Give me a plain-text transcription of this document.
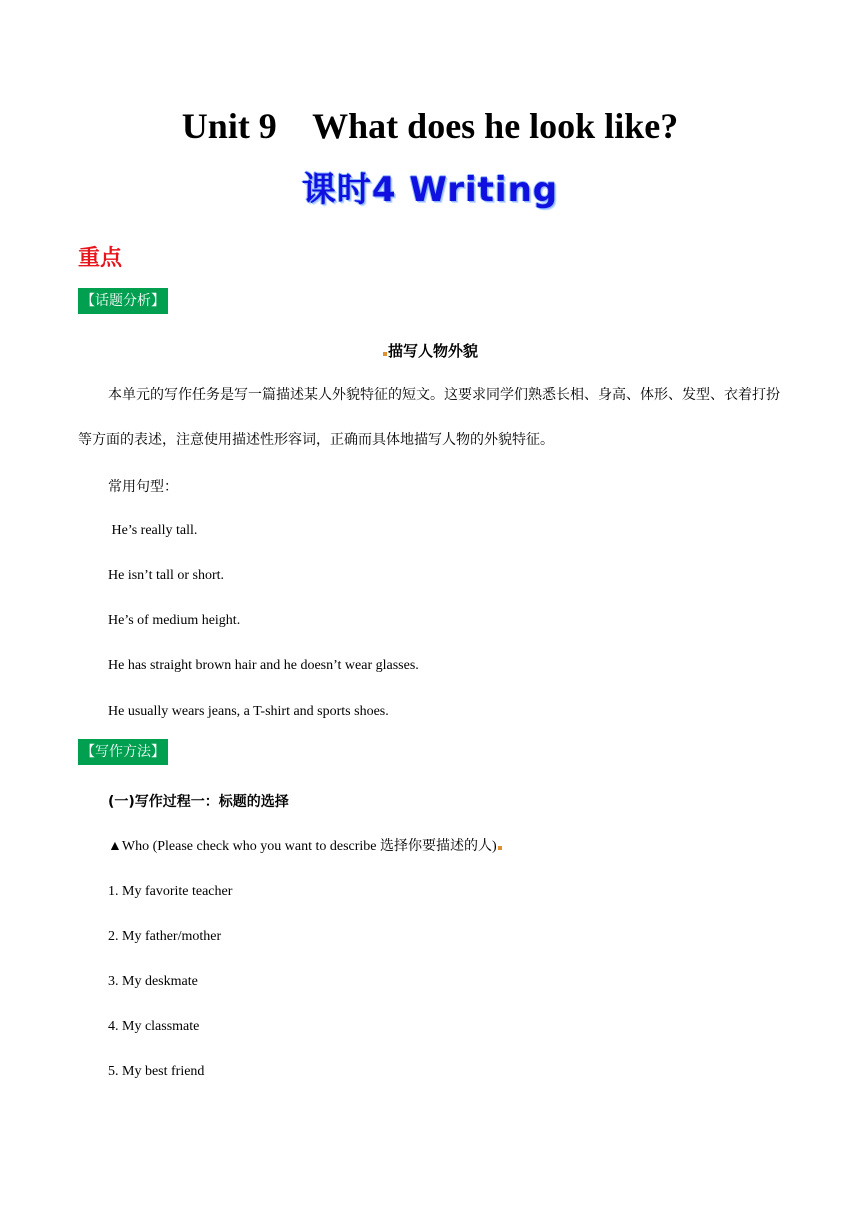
Unit 9    What does he look like?
课时4 Writing
重点
【话题分析】
描写人物外貌

本单元的写作任务是写一篇描述某人外貌特征的短文。这要求同学们熟悉长相、身高、体形、发型、衣着打扮等方面的表述，注意使用描述性形容词，正确而具体地描写人物的外貌特征。

常用句型：
He’s really tall.
He isn’t tall or short.
He’s of medium height.
He has straight brown hair and he doesn’t wear glasses.
He usually wears jeans, a T-shirt and sports shoes.
【写作方法】
(一)写作过程一：标题的选择
▲Who (Please check who you want to describe 选择你要描述的人)
1. My favorite teacher
2. My father/mother
3. My deskmate
4. My classmate
5. My best friend
